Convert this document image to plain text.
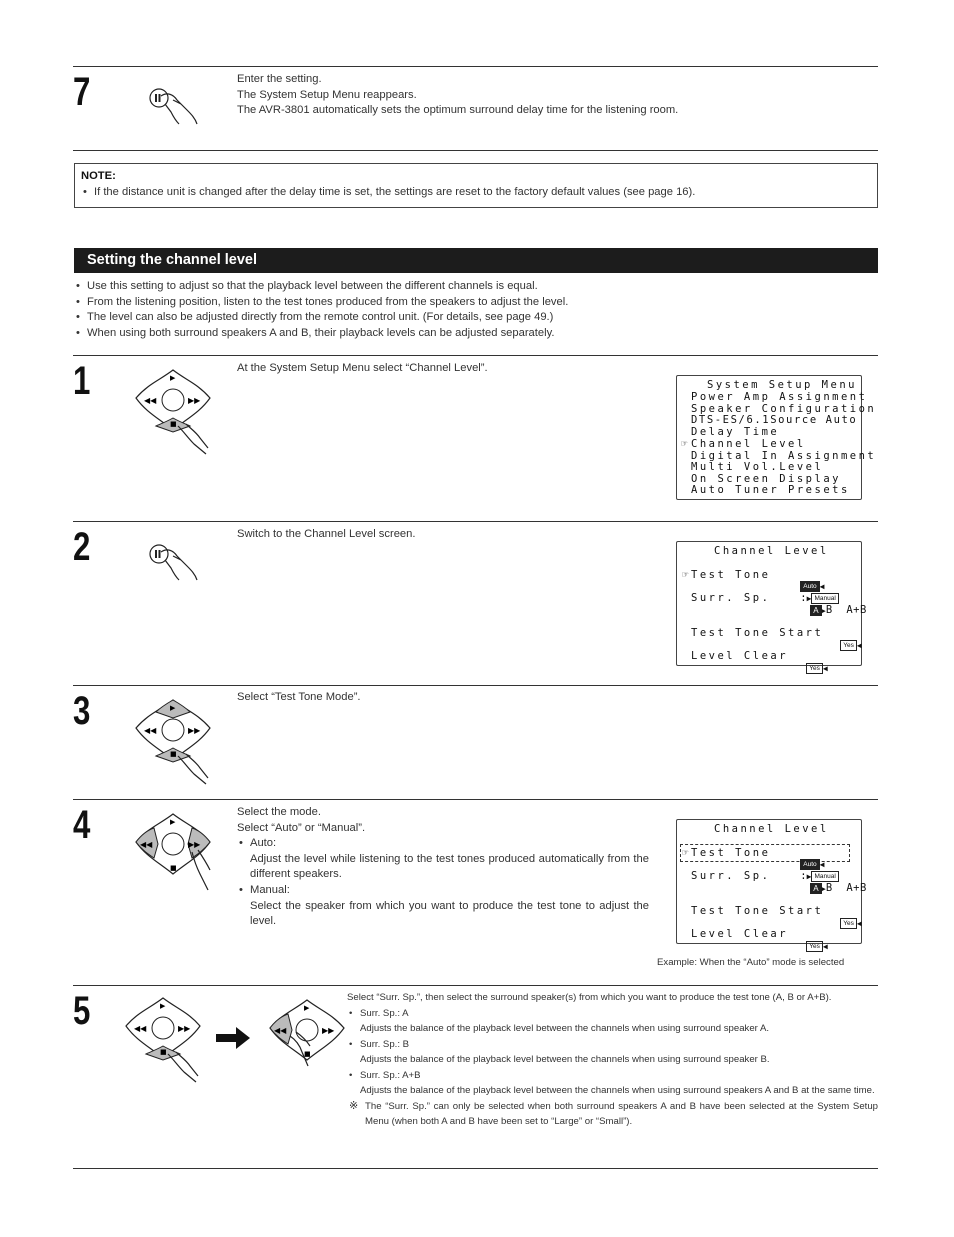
7	Enter the setting.

The System Setup Menu reappears.

The AVR-3801 automatically sets the optimum surround delay time for the listening room.

NOTE:

• If the distance unit is changed after the delay time is set, the settings are reset to the factory default values (see page 16).

Setting the channel level

• Use this setting to adjust so that the playback level between the different channels is equal.

• From the listening position, listen to the test tones produced from the speakers to adjust the level.

• The level can also be adjusted directly from the remote control unit. (For details, see page 49.)

• When using both surround speakers A and B, their playback levels can be adjusted separately.

1	▶
◀◀	▶▶
■
At the System Setup Menu select “Channel Level”.
System Setup Menu
Power Amp Assignment
Speaker Configuration
DTS-ES/6.1Source Auto
Delay Time
☞ Channel Level
Digital In Assignment
Multi Vol.Level
On Screen Display
Auto Tuner Presets
2	Switch to the Channel Level screen.
Channel Level
☞ Test Tone

Auto ◀
:▶ Manual

Surr. Sp.

A ▶B  A+B

Test Tone Start

Yes ◀

Level Clear

Yes ◀

3	▶
◀◀	▶▶
■
Select “Test Tone Mode”.
4	▶
◀◀	▶▶
■

Select the mode.

Select “Auto” or “Manual”.

• Auto:

Adjust the level while listening to the test tones produced automatically from the different speakers.

• Manual:

Select the speaker from which you want to produce the test tone to adjust the level.

Channel Level
☞ Test Tone

Auto ◀
:▶ Manual

Surr. Sp.

A ▶B  A+B

Test Tone Start

Yes ◀

Level Clear

Yes ◀

Example: When the “Auto” mode is selected
5	▶
◀◀	▶▶
■
▶
◀◀	▶▶
■

Select “Surr. Sp.”, then select the surround speaker(s) from which you want to produce the test tone (A, B or A+B).

• Surr. Sp.: A

Adjusts the balance of the playback level between the channels when using surround speaker A.

• Surr. Sp.: B

Adjusts the balance of the playback level between the channels when using surround speaker B.

• Surr. Sp.: A+B

Adjusts the balance of the playback level between the channels when using surround speakers A and B at the same time.

※ The “Surr. Sp.” can only be selected when both surround speakers A and B have been selected at the System Setup Menu (when both A and B have been set to “Large” or “Small”).
